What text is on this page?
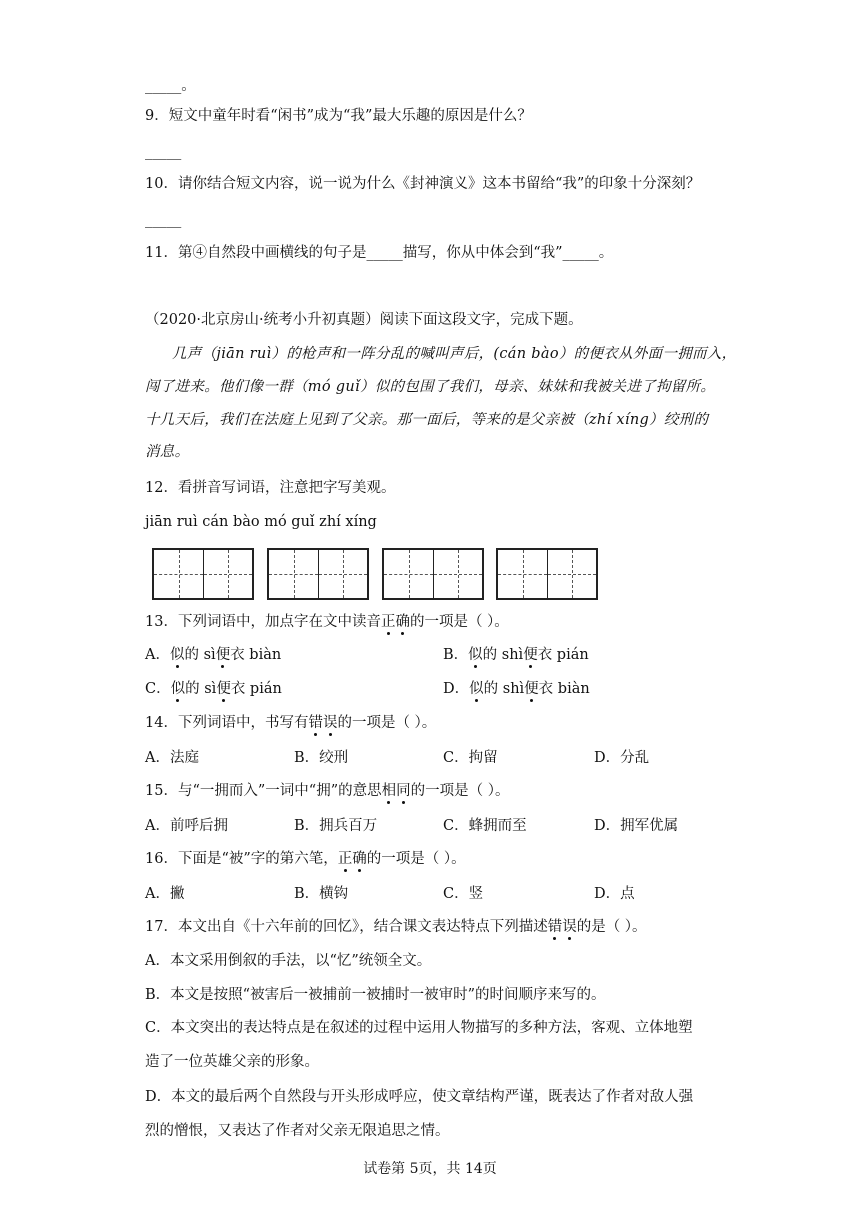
_____。
9．短文中童年时看“闲书”成为“我”最大乐趣的原因是什么？
_____
10．请你结合短文内容，说一说为什么《封神演义》这本书留给“我”的印象十分深刻？
_____
11．第④自然段中画横线的句子是_____描写，你从中体会到“我”_____。
（2020·北京房山·统考小升初真题）阅读下面这段文字，完成下题。
几声（jiān ruì）的枪声和一阵分乱的喊叫声后，(cán bào）的便衣从外面一拥而入，
闯了进来。他们像一群（mó guǐ）似的包围了我们，母亲、妹妹和我被关进了拘留所。
十几天后，我们在法庭上见到了父亲。那一面后，等来的是父亲被（zhí xíng）绞刑的
消息。
12．看拼音写词语，注意把字写美观。
jiān ruì cán bào mó guǐ zhí xíng
13．下列词语中，加点字在文中读音正确的一项是（ ）。
A．似的 sì便衣 biàn	B．似的 shì便衣 pián
C．似的 sì便衣 pián	D．似的 shì便衣 biàn
14．下列词语中，书写有错误的一项是（ ）。
A．法庭	B．绞刑	C．拘留	D．分乱
15．与“一拥而入”一词中“拥”的意思相同的一项是（ ）。
A．前呼后拥	B．拥兵百万	C．蜂拥而至	D．拥军优属
16．下面是“被”字的第六笔，正确的一项是（ ）。
A．撇	B．横钩	C．竖	D．点
17．本文出自《十六年前的回忆》，结合课文表达特点下列描述错误的是（ ）。
A．本文采用倒叙的手法，以“忆”统领全文。
B．本文是按照“被害后一被捕前一被捕时一被审时”的时间顺序来写的。
C．本文突出的表达特点是在叙述的过程中运用人物描写的多种方法，客观、立体地塑
造了一位英雄父亲的形象。
D．本文的最后两个自然段与开头形成呼应，使文章结构严谨，既表达了作者对敌人强
烈的憎恨，又表达了作者对父亲无限追思之情。
试卷第 5页，共 14页
